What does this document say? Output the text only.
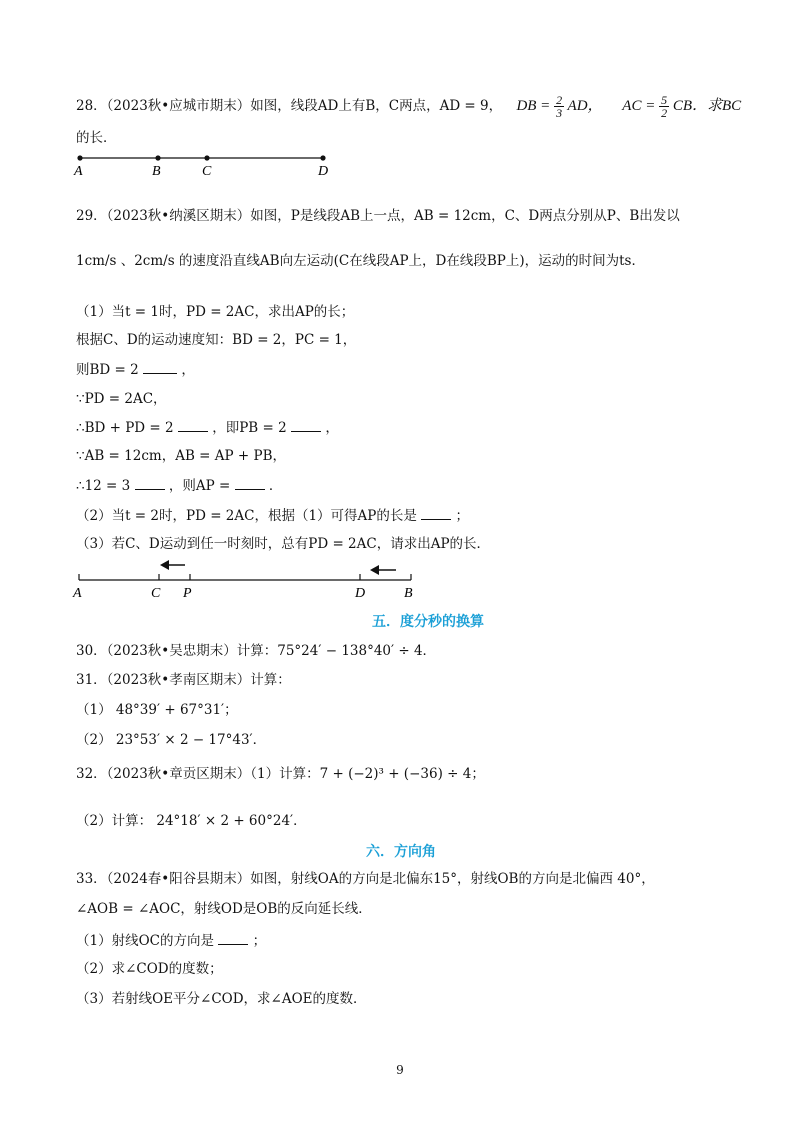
28．（2023秋•应城市期末）如图，线段AD上有B，C两点，AD = 9， DB = $\frac{2}{3}$ AD， AC = $\frac{5}{2}$ CB．求BC
的长．
A	B	C	D
A	C P	D	B
29．（2023秋•纳溪区期末）如图，P是线段AB上一点，AB = 12cm，C、D两点分别从P、B出发以
1cm/s 、2cm/s 的速度沿直线AB向左运动(C在线段AP上，D在线段BP上)，运动的时间为ts．
（1）当t = 1时，PD = 2AC，求出AP的长；
根据C、D的运动速度知：BD = 2，PC = 1，
则BD = 2	，
∵PD = 2AC，
∴BD + PD = 2	，即PB = 2	，
∵AB = 12cm，AB = AP + PB，
∴12 = 3	，则AP =	．
（2）当t = 2时，PD = 2AC，根据（1）可得AP的长是	；
（3）若C、D运动到任一时刻时，总有PD = 2AC，请求出AP的长．
五．度分秒的换算
30．（2023秋•吴忠期末）计算：75°24′ − 138°40′ ÷ 4．
31．（2023秋•孝南区期末）计算：
（1） 48°39′ + 67°31′；
（2） 23°53′ × 2 − 17°43′．
32．（2023秋•章贡区期末）（1）计算：7 + (−2)³ + (−36) ÷ 4；
（2）计算： 24°18′ × 2 + 60°24′．
六．方向角
33．（2024春•阳谷县期末）如图，射线OA的方向是北偏东15°，射线OB的方向是北偏西 40°，
∠AOB = ∠AOC，射线OD是OB的反向延长线．
（1）射线OC的方向是	；
（2）求∠COD的度数；
（3）若射线OE平分∠COD，求∠AOE的度数．
9
